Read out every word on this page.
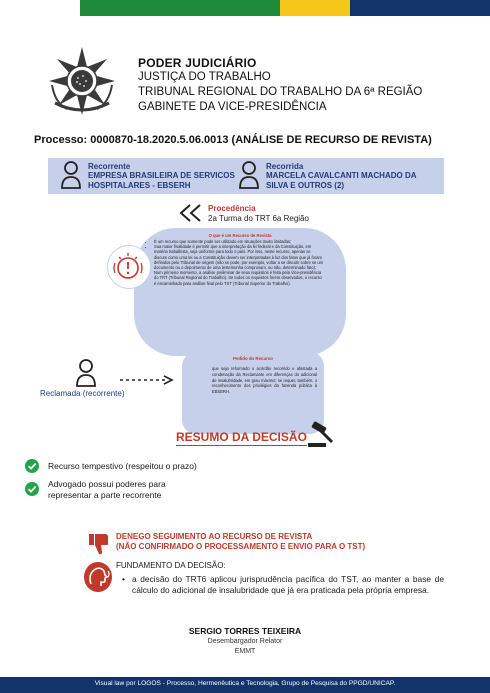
PODER JUDICIÁRIO
JUSTIÇA DO TRABALHO
TRIBUNAL REGIONAL DO TRABALHO DA 6ª REGIÃO
GABINETE DA VICE-PRESIDÊNCIA
Processo: 0000870-18.2020.5.06.0013 (ANÁLISE DE RECURSO DE REVISTA)
Recorrente
EMPRESA BRASILEIRA DE SERVICOS
HOSPITALARES - EBSERH
Recorrida
MARCELA CAVALCANTI MACHADO DA
SILVA E OUTROS (2)
Procedência
2a Turma do TRT 6a Região
O que é um Recurso de Revista
• É um recurso que somente pode ser utilizado em situações muito limitadas;
• Sua maior finalidade é permitir que a interpretação da lei federal e da Constituição, em matéria trabalhista, seja uniforme para todo o país. Por isso, neste recurso, apenas se discute como uma lei ou a Constituição devem ser interpretadas à luz dos fatos que já foram definidos pelo Tribunal de origem (não se pode, por exemplo, voltar a se discutir sobre se um documento ou o depoimento de uma testemunha comprovam, ou não, determinado fato);
• Num primeiro momento, a análise preliminar de seus requisitos é feita pela Vice-presidência do TRT (Tribunal Regional do Trabalho). Se todos os requisitos forem observados, o recurso é encaminhado para análise final pelo TST (Tribunal Superior do Trabalho).
Pedido do Recurso
que seja reformado o acórdão recorrido e afastada a condenação da Reclamante em diferenças do adicional de insalubridade, em grau máximo; se requer, também, o reconhecimento dos privilégios da fazenda pública à EBSERH.
Reclamada (recorrente)
RESUMO DA DECISÃO
Recurso tempestivo (respeitou o prazo)
Advogado possui poderes para
representar a parte recorrente
DENEGO SEGUIMENTO AO RECURSO DE REVISTA
(NÃO CONFIRMADO O PROCESSAMENTO E ENVIO PARA O TST)
FUNDAMENTO DA DECISÃO:
• a decisão do TRT6 aplicou jurisprudência pacífica do TST, ao manter a base de cálculo do adicional de insalubridade que já era praticada pela própria empresa.
SERGIO TORRES TEIXEIRA
Desembargador Relator
EMMT
Visual law por LOGOS - Processo, Hermenêutica e Tecnologia, Grupo de Pesquisa do PPGD/UNICAP.
